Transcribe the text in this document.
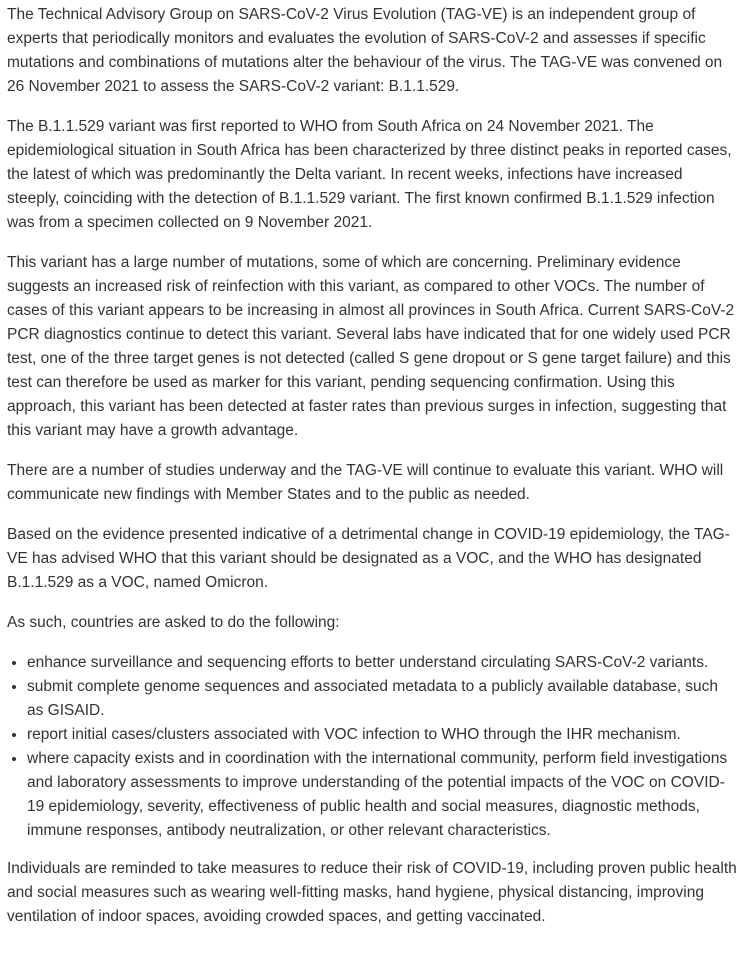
The Technical Advisory Group on SARS-CoV-2 Virus Evolution (TAG-VE) is an independent group of experts that periodically monitors and evaluates the evolution of SARS-CoV-2 and assesses if specific mutations and combinations of mutations alter the behaviour of the virus. The TAG-VE was convened on 26 November 2021 to assess the SARS-CoV-2 variant: B.1.1.529.

The B.1.1.529 variant was first reported to WHO from South Africa on 24 November 2021. The epidemiological situation in South Africa has been characterized by three distinct peaks in reported cases, the latest of which was predominantly the Delta variant. In recent weeks, infections have increased steeply, coinciding with the detection of B.1.1.529 variant. The first known confirmed B.1.1.529 infection was from a specimen collected on 9 November 2021.

This variant has a large number of mutations, some of which are concerning. Preliminary evidence suggests an increased risk of reinfection with this variant, as compared to other VOCs. The number of cases of this variant appears to be increasing in almost all provinces in South Africa. Current SARS-CoV-2 PCR diagnostics continue to detect this variant. Several labs have indicated that for one widely used PCR test, one of the three target genes is not detected (called S gene dropout or S gene target failure) and this test can therefore be used as marker for this variant, pending sequencing confirmation. Using this approach, this variant has been detected at faster rates than previous surges in infection, suggesting that this variant may have a growth advantage.

There are a number of studies underway and the TAG-VE will continue to evaluate this variant. WHO will communicate new findings with Member States and to the public as needed.

Based on the evidence presented indicative of a detrimental change in COVID-19 epidemiology, the TAG-VE has advised WHO that this variant should be designated as a VOC, and the WHO has designated B.1.1.529 as a VOC, named Omicron.

As such, countries are asked to do the following:

• enhance surveillance and sequencing efforts to better understand circulating SARS-CoV-2 variants.
• submit complete genome sequences and associated metadata to a publicly available database, such as GISAID.
• report initial cases/clusters associated with VOC infection to WHO through the IHR mechanism.
• where capacity exists and in coordination with the international community, perform field investigations and laboratory assessments to improve understanding of the potential impacts of the VOC on COVID-19 epidemiology, severity, effectiveness of public health and social measures, diagnostic methods, immune responses, antibody neutralization, or other relevant characteristics.

Individuals are reminded to take measures to reduce their risk of COVID-19, including proven public health and social measures such as wearing well-fitting masks, hand hygiene, physical distancing, improving ventilation of indoor spaces, avoiding crowded spaces, and getting vaccinated.
